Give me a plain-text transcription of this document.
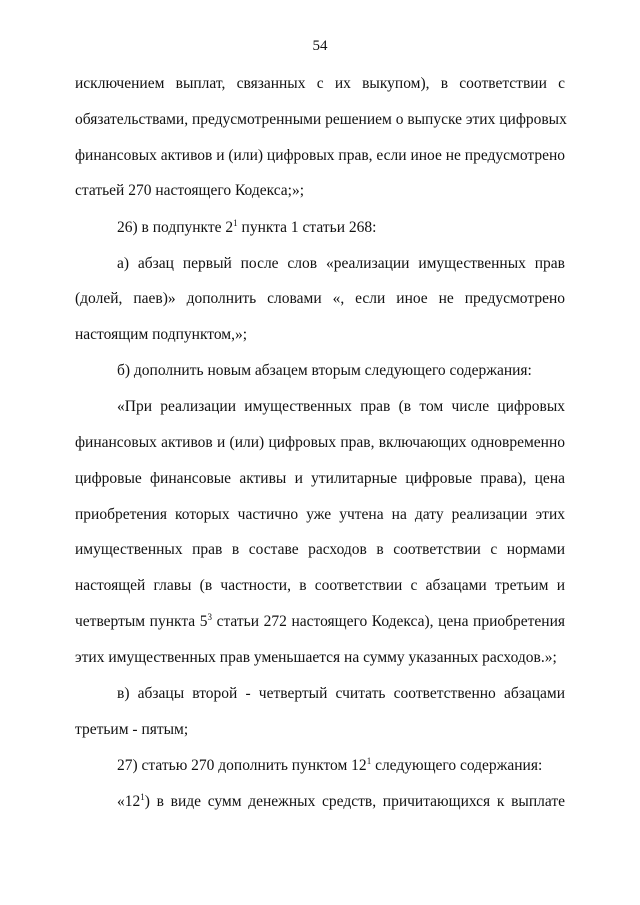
54
исключением выплат, связанных с их выкупом), в соответствии с
обязательствами, предусмотренными решением о выпуске этих цифровых
финансовых активов и (или) цифровых прав, если иное не предусмотрено
статьей 270 настоящего Кодекса;»;
26) в подпункте $2^1$ пункта 1 статьи 268:
а) абзац первый после слов «реализации имущественных прав
(долей, паев)» дополнить словами «, если иное не предусмотрено
настоящим подпунктом,»;
б) дополнить новым абзацем вторым следующего содержания:
«При реализации имущественных прав (в том числе цифровых
финансовых активов и (или) цифровых прав, включающих одновременно
цифровые финансовые активы и утилитарные цифровые права), цена
приобретения которых частично уже учтена на дату реализации этих
имущественных прав в составе расходов в соответствии с нормами
настоящей главы (в частности, в соответствии с абзацами третьим и
четвертым пункта $5^3$ статьи 272 настоящего Кодекса), цена приобретения
этих имущественных прав уменьшается на сумму указанных расходов.»;
в) абзацы второй - четвертый считать соответственно абзацами
третьим - пятым;
27) статью 270 дополнить пунктом $12^1$ следующего содержания:
«$12^1$) в виде сумм денежных средств, причитающихся к выплате
